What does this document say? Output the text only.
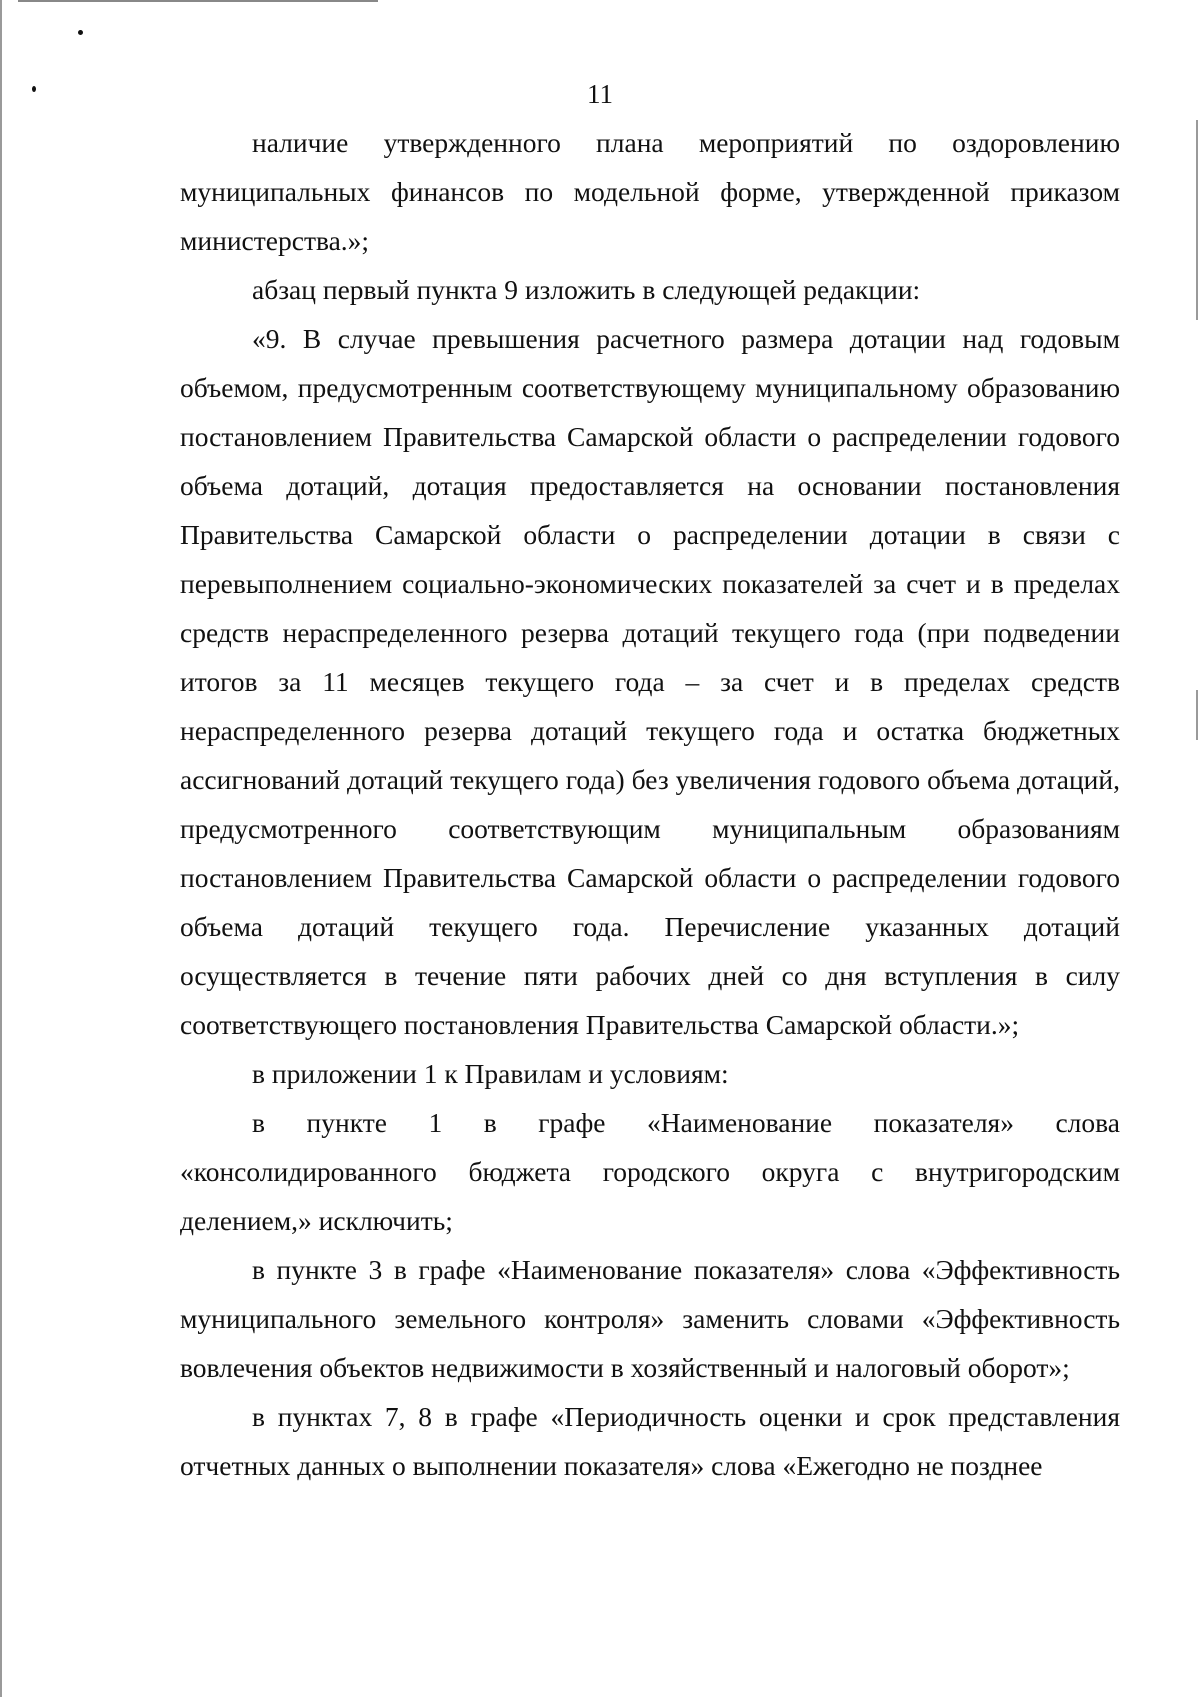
11

наличие утвержденного плана мероприятий по оздоровлению муниципальных финансов по модельной форме, утвержденной приказом министерства.»;

абзац первый пункта 9 изложить в следующей редакции:

«9. В случае превышения расчетного размера дотации над годовым объемом, предусмотренным соответствующему муниципальному образованию постановлением Правительства Самарской области о распределении годового объема дотаций, дотация предоставляется на основании постановления Правительства Самарской области о распределении дотации в связи с перевыполнением социально-экономических показателей за счет и в пределах средств нераспределенного резерва дотаций текущего года (при подведении итогов за 11 месяцев текущего года – за счет и в пределах средств нераспределенного резерва дотаций текущего года и остатка бюджетных ассигнований дотаций текущего года) без увеличения годового объема дотаций, предусмотренного соответствующим муниципальным образованиям постановлением Правительства Самарской области о распределении годового объема дотаций текущего года. Перечисление указанных дотаций осуществляется в течение пяти рабочих дней со дня вступления в силу соответствующего постановления Правительства Самарской области.»;

в приложении 1 к Правилам и условиям:

в пункте 1 в графе «Наименование показателя» слова «консолидированного бюджета городского округа с внутригородским делением,» исключить;

в пункте 3 в графе «Наименование показателя» слова «Эффективность муниципального земельного контроля» заменить словами «Эффективность вовлечения объектов недвижимости в хозяйственный и налоговый оборот»;

в пунктах 7, 8 в графе «Периодичность оценки и срок представления отчетных данных о выполнении показателя» слова «Ежегодно не позднее
